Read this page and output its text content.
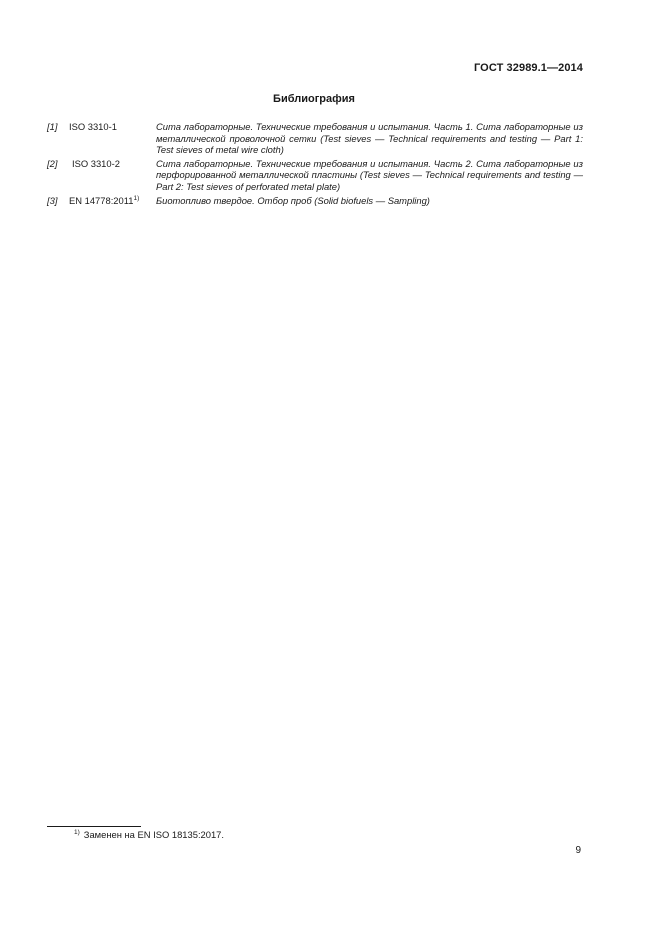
ГОСТ 32989.1—2014
Библиография
[1]	ISO 3310-1	Сита лабораторные. Технические требования и испытания. Часть 1. Сита лабораторные из металлической проволочной сетки (Test sieves — Technical requirements and testing — Part 1: Test sieves of metal wire cloth)
[2]	ISO 3310-2	Сита лабораторные. Технические требования и испытания. Часть 2. Сита лабораторные из перфорированной металлической пластины (Test sieves — Technical requirements and testing — Part 2: Test sieves of perforated metal plate)
[3]	EN 14778:2011$^{1)}$	Биотопливо твердое. Отбор проб (Solid biofuels — Sampling)
$^{1)}$ Заменен на EN ISO 18135:2017.
9
